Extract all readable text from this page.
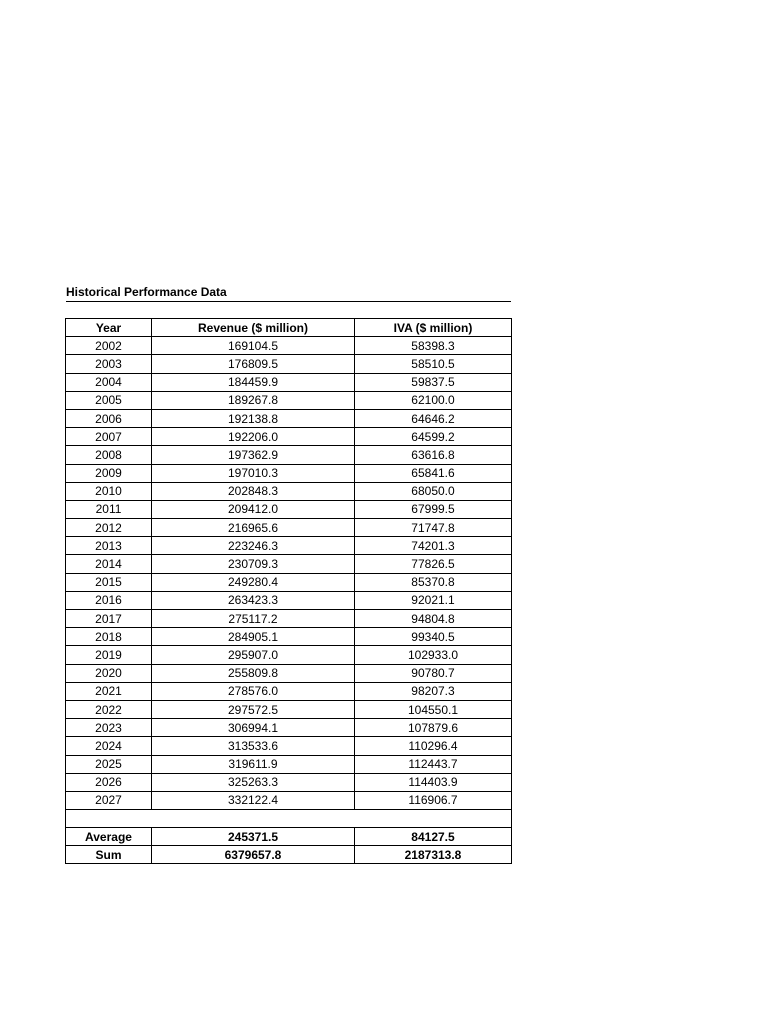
Historical Performance Data
Year	Revenue ($ million)	IVA ($ million)
2002	169104.5	58398.3
2003	176809.5	58510.5
2004	184459.9	59837.5
2005	189267.8	62100.0
2006	192138.8	64646.2
2007	192206.0	64599.2
2008	197362.9	63616.8
2009	197010.3	65841.6
2010	202848.3	68050.0
2011	209412.0	67999.5
2012	216965.6	71747.8
2013	223246.3	74201.3
2014	230709.3	77826.5
2015	249280.4	85370.8
2016	263423.3	92021.1
2017	275117.2	94804.8
2018	284905.1	99340.5
2019	295907.0	102933.0
2020	255809.8	90780.7
2021	278576.0	98207.3
2022	297572.5	104550.1
2023	306994.1	107879.6
2024	313533.6	110296.4
2025	319611.9	112443.7
2026	325263.3	114403.9
2027	332122.4	116906.7

Average	245371.5	84127.5
Sum	6379657.8	2187313.8
